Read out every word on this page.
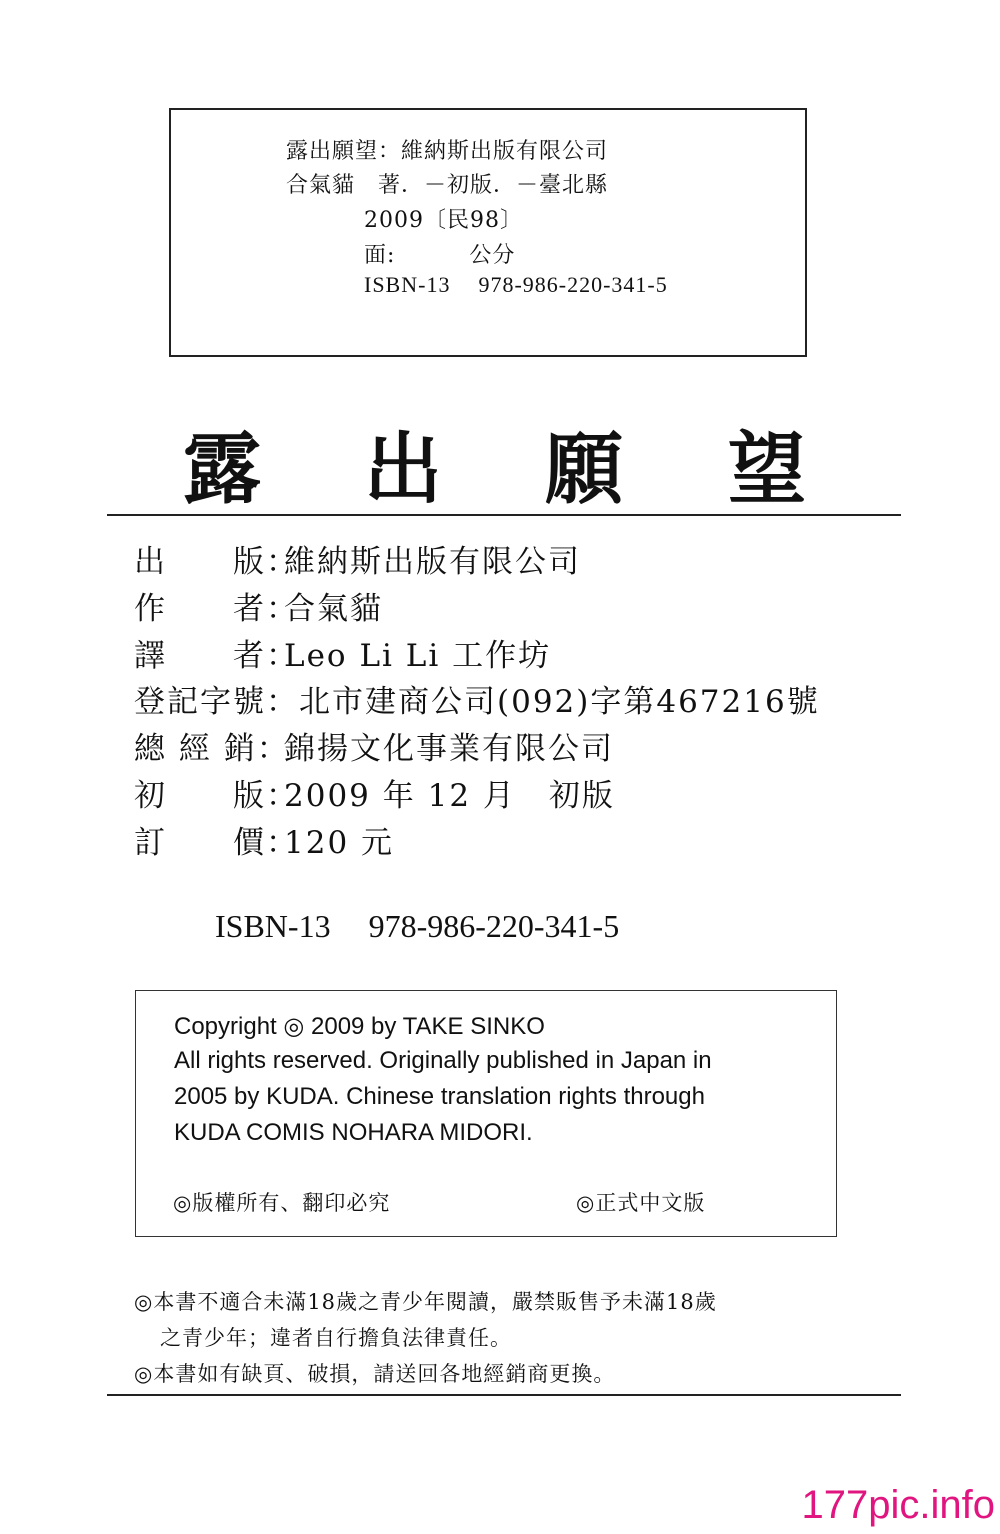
露出願望：維納斯出版有限公司
合氣貓　著．－初版．－臺北縣
2009〔民98〕
面:	公分
ISBN-13 978-986-220-341-5
露 出 願 望
出　　版：維納斯出版有限公司
作　　者：合氣貓
譯　　者：Leo Li Li 工作坊
登記字號：北市建商公司(092)字第467216號
總 經 銷：錦揚文化事業有限公司
初　　版：2009 年 12 月　初版
訂　　價：120 元
ISBN-13 978-986-220-341-5
Copyright ◎ 2009 by TAKE SINKO
All rights reserved. Originally published in Japan in
2005 by KUDA. Chinese translation rights through
KUDA COMIS NOHARA MIDORI.
◎版權所有、翻印必究	◎正式中文版
◎本書不適合未滿18歲之青少年閱讀，嚴禁販售予未滿18歲
之青少年；違者自行擔負法律責任。
◎本書如有缺頁、破損，請送回各地經銷商更換。
177pic.info
